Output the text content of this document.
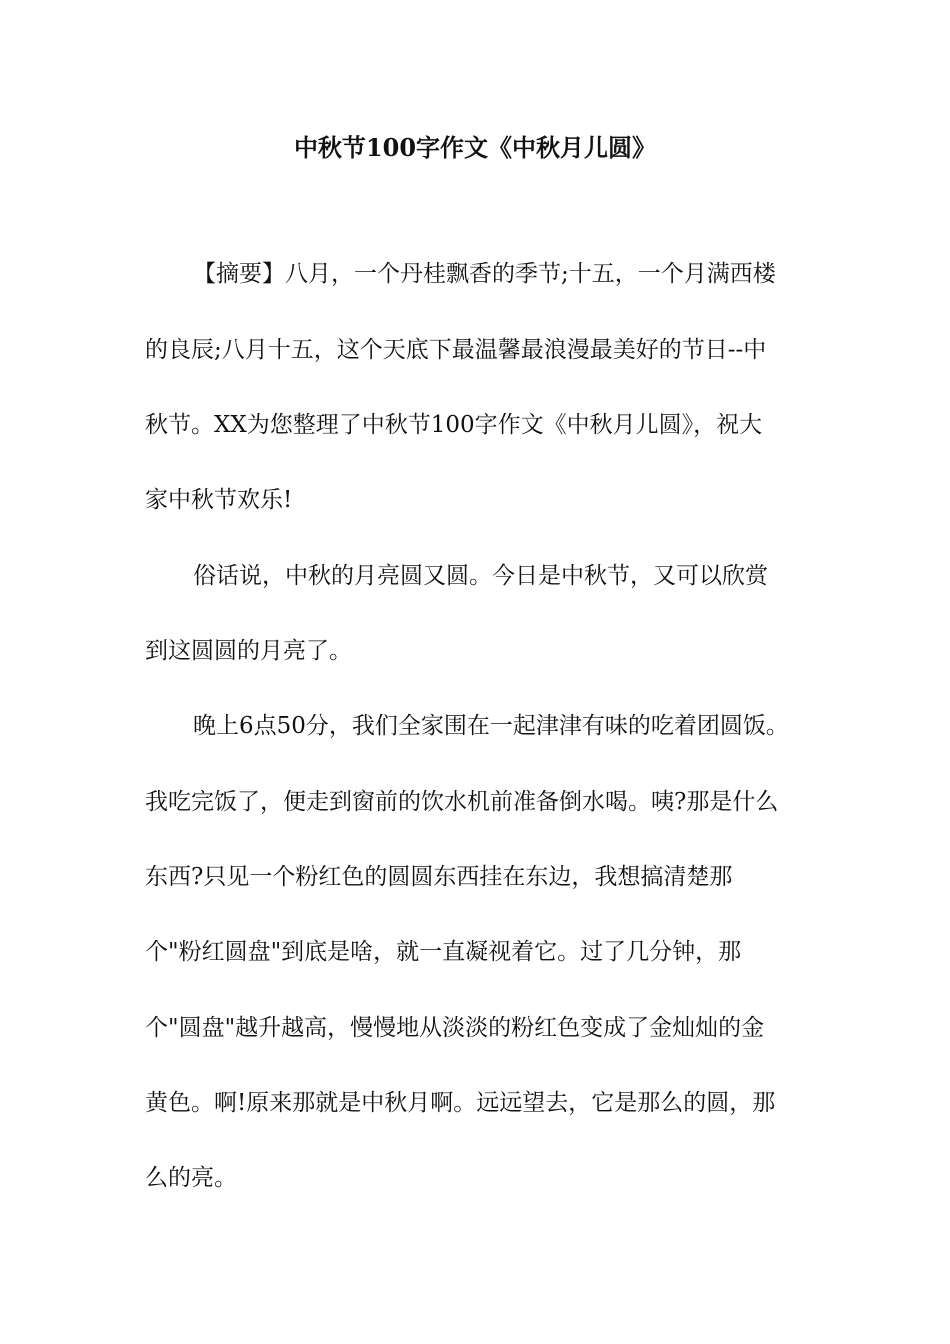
中秋节100字作文《中秋月儿圆》
【摘要】八月，一个丹桂飘香的季节;十五，一个月满西楼
的良辰;八月十五，这个天底下最温馨最浪漫最美好的节日--中
秋节。XX为您整理了中秋节100字作文《中秋月儿圆》，祝大
家中秋节欢乐!
俗话说，中秋的月亮圆又圆。今日是中秋节，又可以欣赏
到这圆圆的月亮了。
晚上6点50分，我们全家围在一起津津有味的吃着团圆饭。
我吃完饭了，便走到窗前的饮水机前准备倒水喝。咦?那是什么
东西?只见一个粉红色的圆圆东西挂在东边，我想搞清楚那
个"粉红圆盘"到底是啥，就一直凝视着它。过了几分钟，那
个"圆盘"越升越高，慢慢地从淡淡的粉红色变成了金灿灿的金
黄色。啊!原来那就是中秋月啊。远远望去，它是那么的圆，那
么的亮。
